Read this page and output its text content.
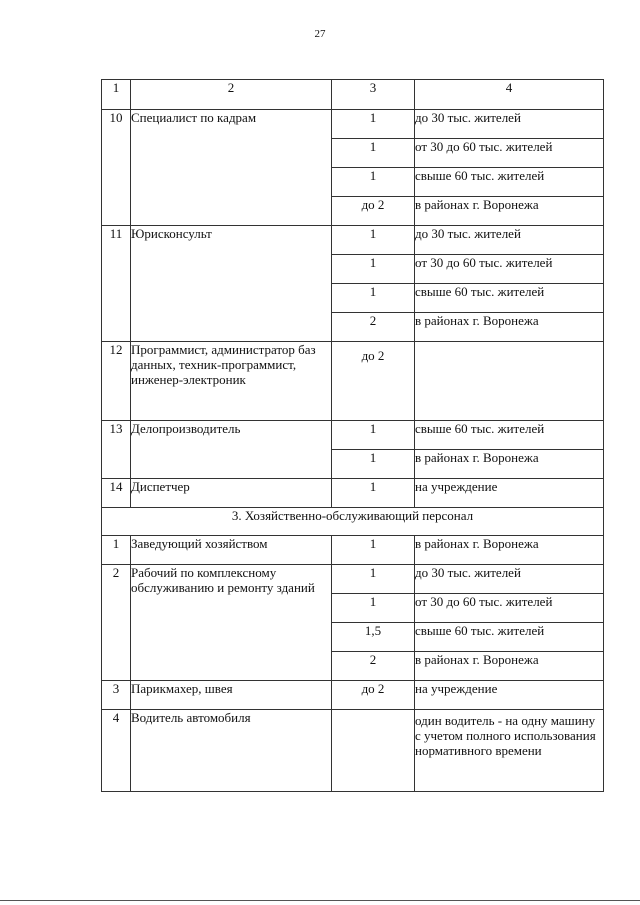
27
1	2	3	4
10	Специалист по кадрам	1	до 30 тыс. жителей
		1	от 30 до 60 тыс. жителей
		1	свыше 60 тыс. жителей
		до 2	в районах г. Воронежа
11	Юрисконсульт	1	до 30 тыс. жителей
		1	от 30 до 60 тыс. жителей
		1	свыше 60 тыс. жителей
		2	в районах г. Воронежа
12	Программист, администратор баз данных, техник-программист, инженер-электроник	до 2	
13	Делопроизводитель	1	свыше 60 тыс. жителей
		1	в районах г. Воронежа
14	Диспетчер	1	на учреждение
3. Хозяйственно-обслуживающий персонал			
1	Заведующий хозяйством	1	в районах г. Воронежа
2	Рабочий по комплексному обслуживанию и ремонту зданий	1	до 30 тыс. жителей
		1	от 30 до 60 тыс. жителей
		1,5	свыше 60 тыс. жителей
		2	в районах г. Воронежа
3	Парикмахер, швея	до 2	на учреждение
4	Водитель автомобиля		один водитель - на одну машину с учетом полного использования нормативного времени
